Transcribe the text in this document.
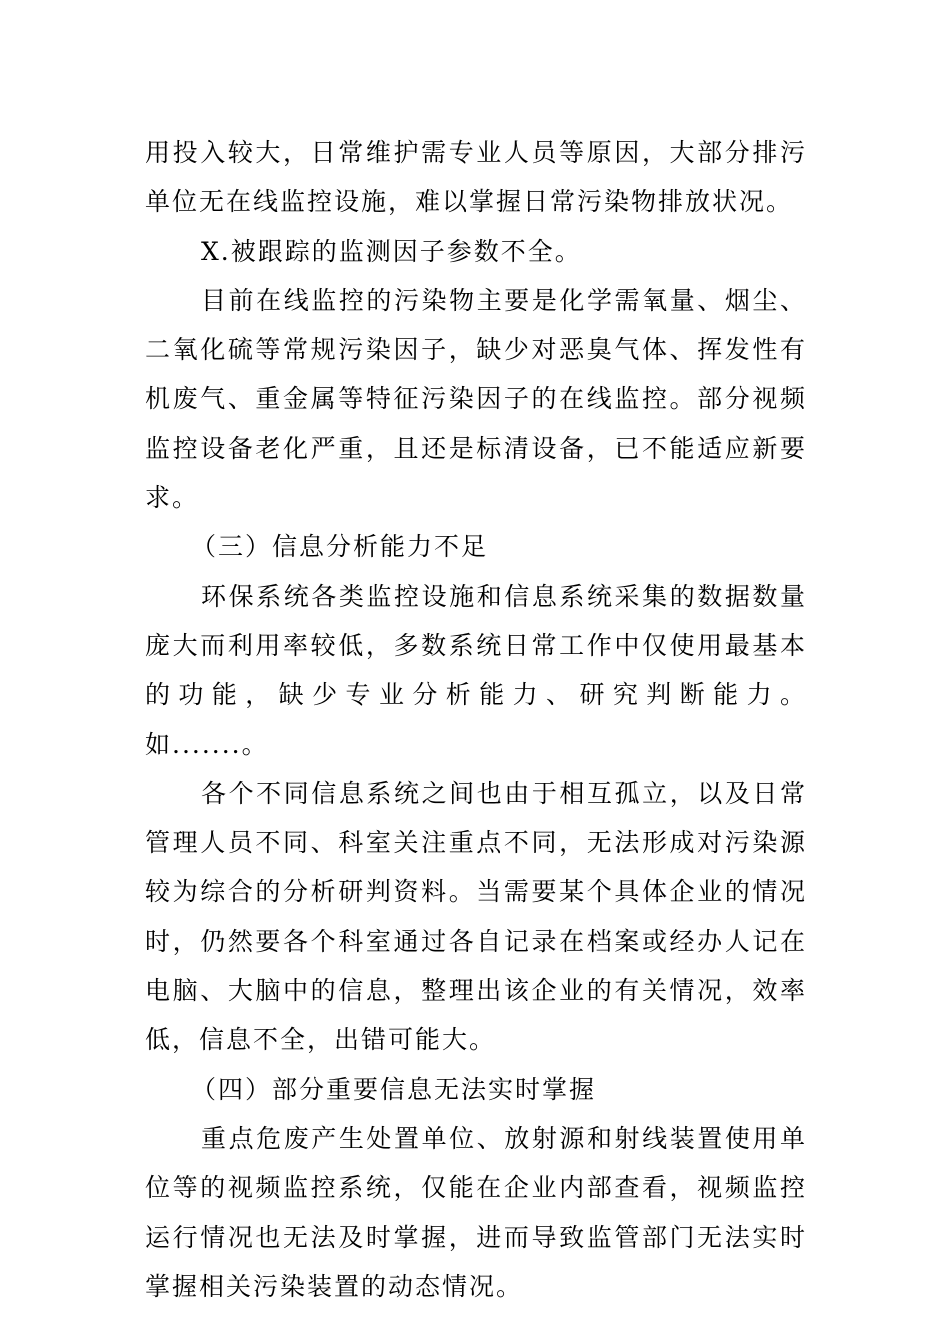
用投入较大，日常维护需专业人员等原因，大部分排污单位无在线监控设施，难以掌握日常污染物排放状况。

X.被跟踪的监测因子参数不全。

目前在线监控的污染物主要是化学需氧量、烟尘、二氧化硫等常规污染因子，缺少对恶臭气体、挥发性有机废气、重金属等特征污染因子的在线监控。部分视频监控设备老化严重，且还是标清设备，已不能适应新要求。

（三）信息分析能力不足

环保系统各类监控设施和信息系统采集的数据数量庞大而利用率较低，多数系统日常工作中仅使用最基本的功能，缺少专业分析能力、研究判断能力。如.......。

各个不同信息系统之间也由于相互孤立，以及日常管理人员不同、科室关注重点不同，无法形成对污染源较为综合的分析研判资料。当需要某个具体企业的情况时，仍然要各个科室通过各自记录在档案或经办人记在电脑、大脑中的信息，整理出该企业的有关情况，效率低，信息不全，出错可能大。

（四）部分重要信息无法实时掌握

重点危废产生处置单位、放射源和射线装置使用单位等的视频监控系统，仅能在企业内部查看，视频监控运行情况也无法及时掌握，进而导致监管部门无法实时掌握相关污染装置的动态情况。
